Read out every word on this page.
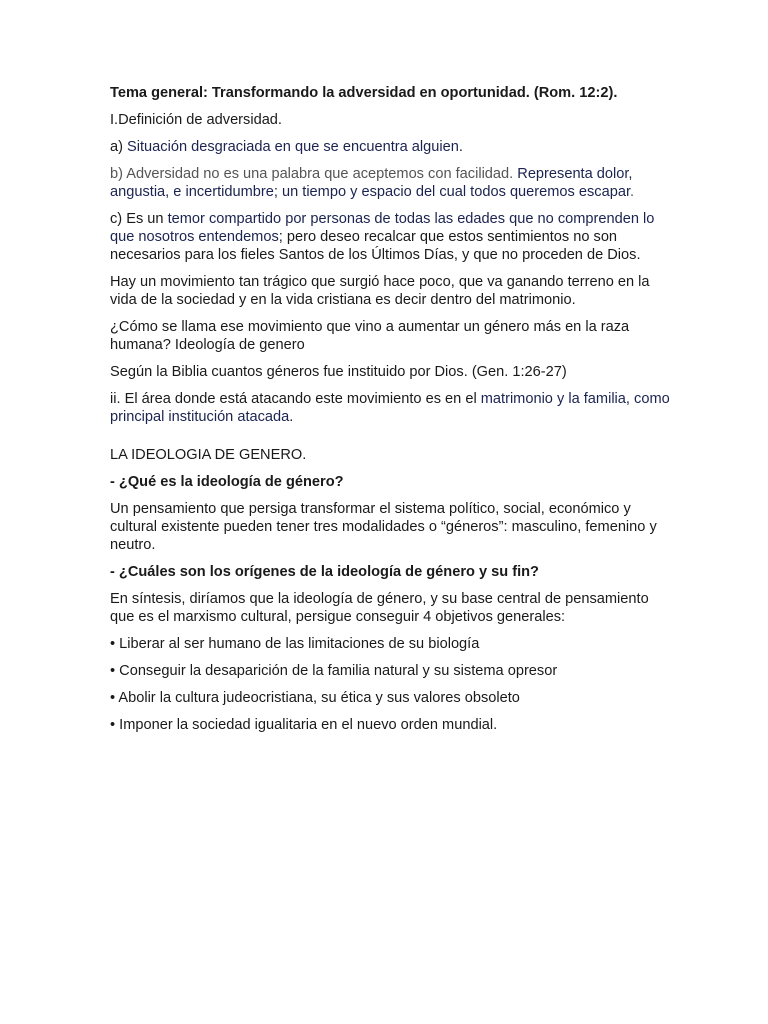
Tema general: Transformando la adversidad en oportunidad. (Rom. 12:2).

I.Definición de adversidad.

a) Situación desgraciada en que se encuentra alguien.

b) Adversidad no es una palabra que aceptemos con facilidad. Representa dolor, angustia, e incertidumbre; un tiempo y espacio del cual todos queremos escapar.

c) Es un temor compartido por personas de todas las edades que no comprenden lo que nosotros entendemos; pero deseo recalcar que estos sentimientos no son necesarios para los fieles Santos de los Últimos Días, y que no proceden de Dios.

Hay un movimiento tan trágico que surgió hace poco, que va ganando terreno en la vida de la sociedad y en la vida cristiana es decir dentro del matrimonio.

¿Cómo se llama ese movimiento que vino a aumentar un género más en la raza humana? Ideología de genero

Según la Biblia cuantos géneros fue instituido por Dios. (Gen. 1:26-27)

ii. El área donde está atacando este movimiento es en el matrimonio y la familia, como principal institución atacada.

LA IDEOLOGIA DE GENERO.

- ¿Qué es la ideología de género?

Un pensamiento que persiga transformar el sistema político, social, económico y cultural existente pueden tener tres modalidades o “géneros”: masculino, femenino y neutro.

- ¿Cuáles son los orígenes de la ideología de género y su fin?

En síntesis, diríamos que la ideología de género, y su base central de pensamiento que es el marxismo cultural, persigue conseguir 4 objetivos generales:

• Liberar al ser humano de las limitaciones de su biología

• Conseguir la desaparición de la familia natural y su sistema opresor

• Abolir la cultura judeocristiana, su ética y sus valores obsoleto

• Imponer la sociedad igualitaria en el nuevo orden mundial.
